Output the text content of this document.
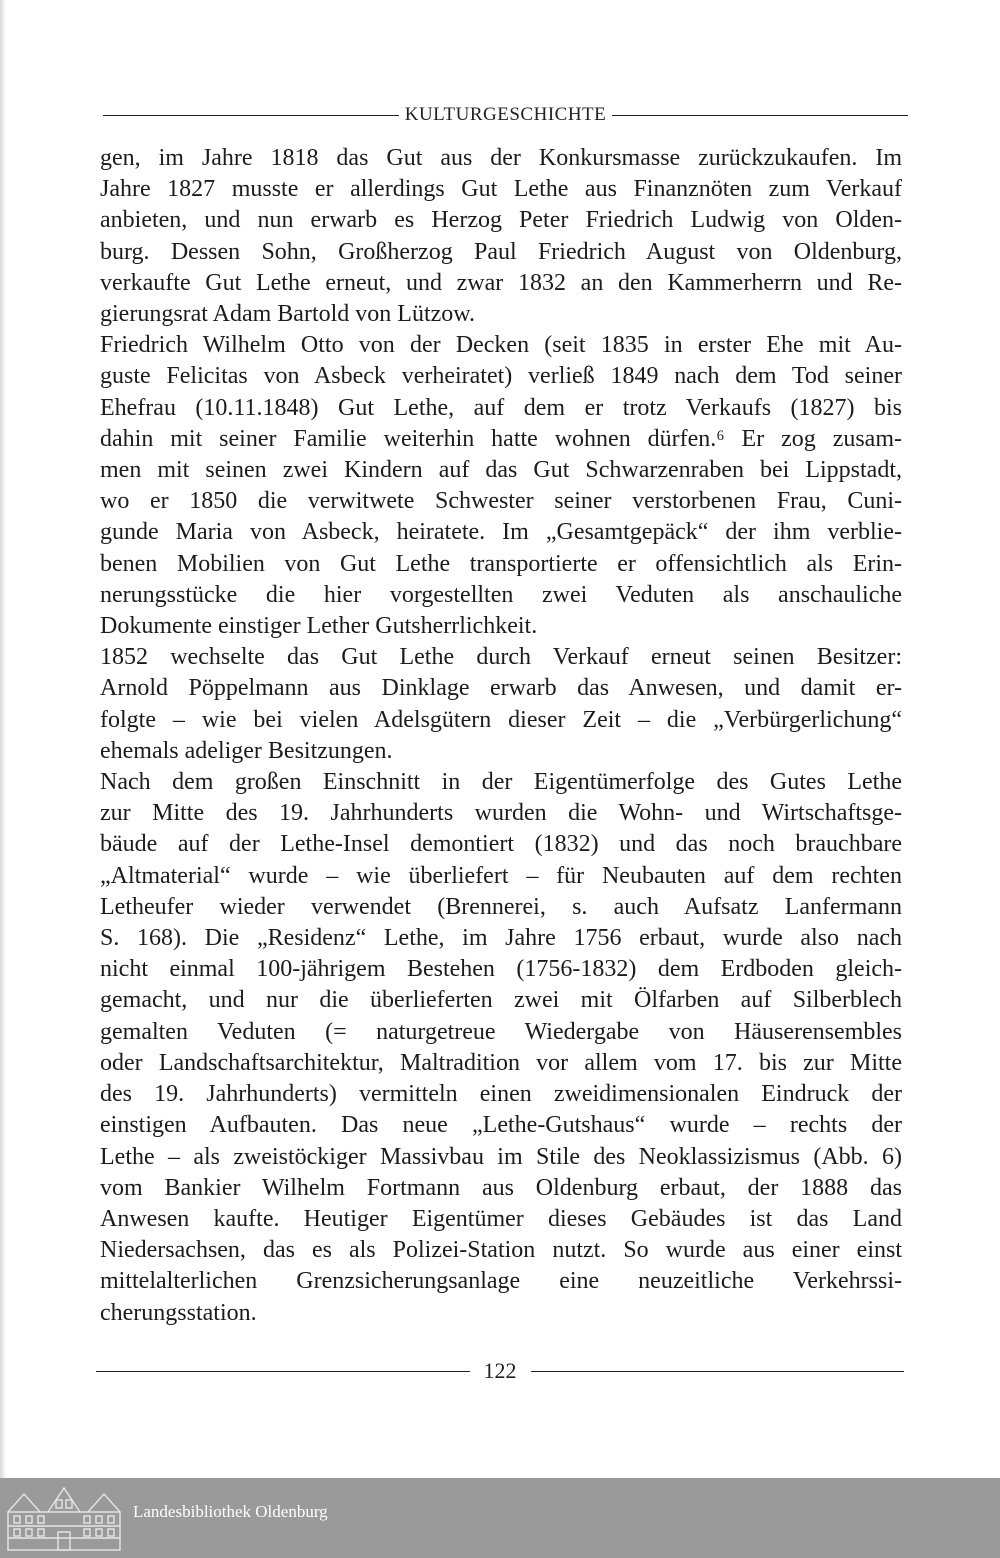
KULTURGESCHICHTE

gen, im Jahre 1818 das Gut aus der Konkursmasse zurückzukaufen. Im
Jahre 1827 musste er allerdings Gut Lethe aus Finanznöten zum Verkauf
anbieten, und nun erwarb es Herzog Peter Friedrich Ludwig von Olden-
burg. Dessen Sohn, Großherzog Paul Friedrich August von Oldenburg,
verkaufte Gut Lethe erneut, und zwar 1832 an den Kammerherrn und Re-
gierungsrat Adam Bartold von Lützow.

Friedrich Wilhelm Otto von der Decken (seit 1835 in erster Ehe mit Au-
guste Felicitas von Asbeck verheiratet) verließ 1849 nach dem Tod seiner
Ehefrau (10.11.1848) Gut Lethe, auf dem er trotz Verkaufs (1827) bis
dahin mit seiner Familie weiterhin hatte wohnen dürfen.⁶ Er zog zusam-
men mit seinen zwei Kindern auf das Gut Schwarzenraben bei Lippstadt,
wo er 1850 die verwitwete Schwester seiner verstorbenen Frau, Cuni-
gunde Maria von Asbeck, heiratete. Im „Gesamtgepäck“ der ihm verblie-
benen Mobilien von Gut Lethe transportierte er offensichtlich als Erin-
nerungsstücke die hier vorgestellten zwei Veduten als anschauliche
Dokumente einstiger Lether Gutsherrlichkeit.

1852 wechselte das Gut Lethe durch Verkauf erneut seinen Besitzer:
Arnold Pöppelmann aus Dinklage erwarb das Anwesen, und damit er-
folgte – wie bei vielen Adelsgütern dieser Zeit – die „Verbürgerlichung“
ehemals adeliger Besitzungen.

Nach dem großen Einschnitt in der Eigentümerfolge des Gutes Lethe
zur Mitte des 19. Jahrhunderts wurden die Wohn- und Wirtschaftsge-
bäude auf der Lethe-Insel demontiert (1832) und das noch brauchbare
„Altmaterial“ wurde – wie überliefert – für Neubauten auf dem rechten
Letheufer wieder verwendet (Brennerei, s. auch Aufsatz Lanfermann
S. 168). Die „Residenz“ Lethe, im Jahre 1756 erbaut, wurde also nach
nicht einmal 100-jährigem Bestehen (1756-1832) dem Erdboden gleich-
gemacht, und nur die überlieferten zwei mit Ölfarben auf Silberblech
gemalten Veduten (= naturgetreue Wiedergabe von Häuserensembles
oder Landschaftsarchitektur, Maltradition vor allem vom 17. bis zur Mitte
des 19. Jahrhunderts) vermitteln einen zweidimensionalen Eindruck der
einstigen Aufbauten. Das neue „Lethe-Gutshaus“ wurde – rechts der
Lethe – als zweistöckiger Massivbau im Stile des Neoklassizismus (Abb. 6)
vom Bankier Wilhelm Fortmann aus Oldenburg erbaut, der 1888 das
Anwesen kaufte. Heutiger Eigentümer dieses Gebäudes ist das Land
Niedersachsen, das es als Polizei-Station nutzt. So wurde aus einer einst
mittelalterlichen Grenzsicherungsanlage eine neuzeitliche Verkehrssi-
cherungsstation.

122
Landesbibliothek Oldenburg
